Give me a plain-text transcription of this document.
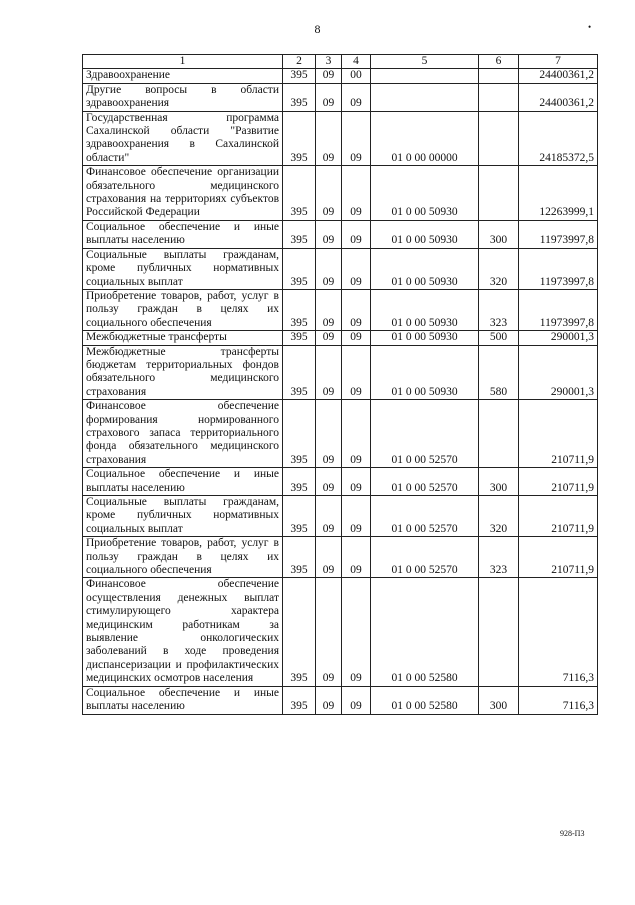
8	•
1	2	3	4	5	6	7
Здравоохранение	395	09	00			24400361,2
Другие вопросы в области здравоохранения	395	09	09			24400361,2
Государственная программа Сахалинской области "Развитие здравоохранения в Сахалинской области"	395	09	09	01 0 00 00000		24185372,5
Финансовое обеспечение организации обязательного медицинского страхования на территориях субъектов Российской Федерации	395	09	09	01 0 00 50930		12263999,1
Социальное обеспечение и иные выплаты населению	395	09	09	01 0 00 50930	300	11973997,8
Социальные выплаты гражданам, кроме публичных нормативных социальных выплат	395	09	09	01 0 00 50930	320	11973997,8
Приобретение товаров, работ, услуг в пользу граждан в целях их социального обеспечения	395	09	09	01 0 00 50930	323	11973997,8
Межбюджетные трансферты	395	09	09	01 0 00 50930	500	290001,3
Межбюджетные трансферты бюджетам территориальных фондов обязательного медицинского страхования	395	09	09	01 0 00 50930	580	290001,3
Финансовое обеспечение формирования нормированного страхового запаса территориального фонда обязательного медицинского страхования	395	09	09	01 0 00 52570		210711,9
Социальное обеспечение и иные выплаты населению	395	09	09	01 0 00 52570	300	210711,9
Социальные выплаты гражданам, кроме публичных нормативных социальных выплат	395	09	09	01 0 00 52570	320	210711,9
Приобретение товаров, работ, услуг в пользу граждан в целях их социального обеспечения	395	09	09	01 0 00 52570	323	210711,9
Финансовое обеспечение осуществления денежных выплат стимулирующего характера медицинским работникам за выявление онкологических заболеваний в ходе проведения диспансеризации и профилактических медицинских осмотров населения	395	09	09	01 0 00 52580		7116,3
Социальное обеспечение и иные выплаты населению	395	09	09	01 0 00 52580	300	7116,3
928-П3
